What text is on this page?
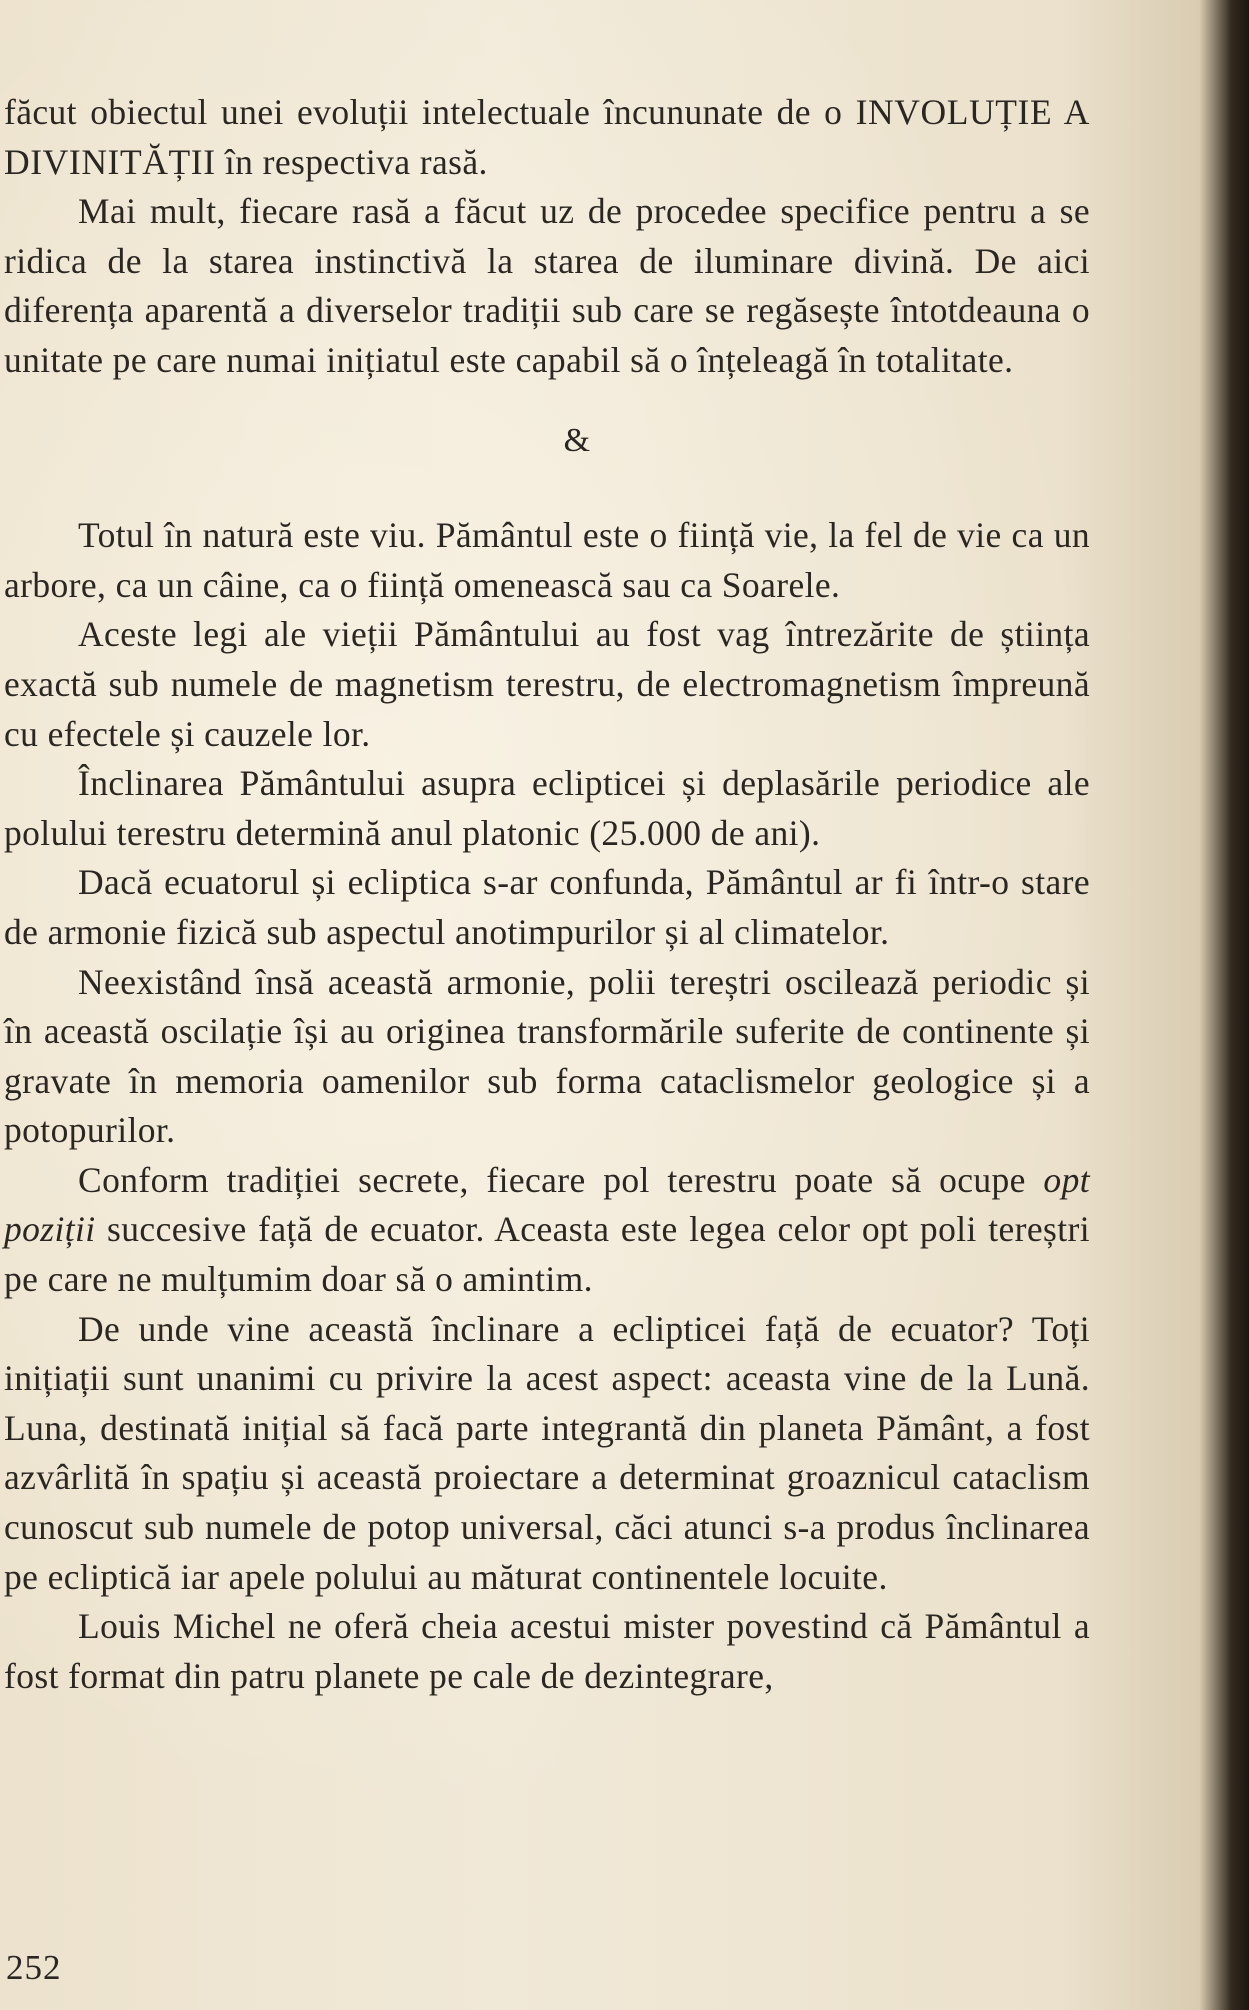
făcut obiectul unei evoluții intelectuale încununate de o INVOLUȚIE A DIVINITĂȚII în respectiva rasă.

Mai mult, fiecare rasă a făcut uz de procedee specifice pentru a se ridica de la starea instinctivă la starea de iluminare divină. De aici diferența aparentă a diverselor tradiții sub care se regăsește întotdeauna o unitate pe care numai inițiatul este capabil să o înțeleagă în totalitate.

&

Totul în natură este viu. Pământul este o ființă vie, la fel de vie ca un arbore, ca un câine, ca o ființă omenească sau ca Soarele.

Aceste legi ale vieții Pământului au fost vag întrezărite de știința exactă sub numele de magnetism terestru, de electromagnetism împreună cu efectele și cauzele lor.

Înclinarea Pământului asupra eclipticei și deplasările periodice ale polului terestru determină anul platonic (25.000 de ani).

Dacă ecuatorul și ecliptica s-ar confunda, Pământul ar fi într-o stare de armonie fizică sub aspectul anotimpurilor și al climatelor.

Neexistând însă această armonie, polii tereștri oscilează periodic și în această oscilație își au originea transformările suferite de continente și gravate în memoria oamenilor sub forma cataclismelor geologice și a potopurilor.

Conform tradiției secrete, fiecare pol terestru poate să ocupe opt poziții succesive față de ecuator. Aceasta este legea celor opt poli tereștri pe care ne mulțumim doar să o amintim.

De unde vine această înclinare a eclipticei față de ecuator? Toți inițiații sunt unanimi cu privire la acest aspect: aceasta vine de la Lună. Luna, destinată inițial să facă parte integrantă din planeta Pământ, a fost azvârlită în spațiu și această proiectare a determinat groaznicul cataclism cunoscut sub numele de potop universal, căci atunci s-a produs înclinarea pe ecliptică iar apele polului au măturat continentele locuite.

Louis Michel ne oferă cheia acestui mister povestind că Pământul a fost format din patru planete pe cale de dezintegrare,

252
